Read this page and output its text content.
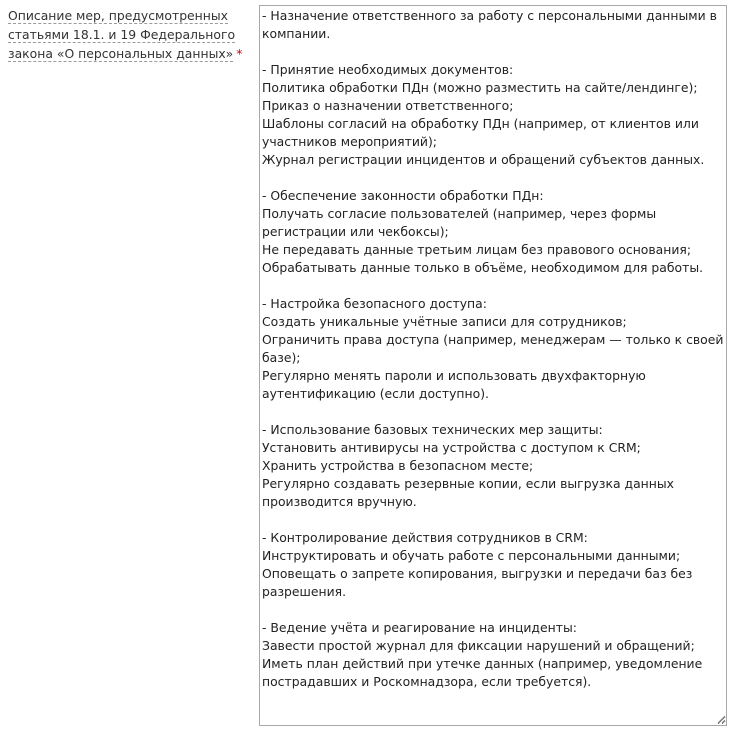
Описание мер, предусмотренных статьями 18.1. и 19 Федерального закона «О персональных данных» *
- Назначение ответственного за работу с персональными данными в компании. - Принятие необходимых документов: Политика обработки ПДн (можно разместить на сайте/лендинге); Приказ о назначении ответственного; Шаблоны согласий на обработку ПДн (например, от клиентов или участников мероприятий); Журнал регистрации инцидентов и обращений субъектов данных. - Обеспечение законности обработки ПДн: Получать согласие пользователей (например, через формы регистрации или чекбоксы); Не передавать данные третьим лицам без правового основания; Обрабатывать данные только в объёме, необходимом для работы. - Настройка безопасного доступа: Создать уникальные учётные записи для сотрудников; Ограничить права доступа (например, менеджерам — только к своей базе); Регулярно менять пароли и использовать двухфакторную аутентификацию (если доступно). - Использование базовых технических мер защиты: Установить антивирусы на устройства с доступом к CRM; Хранить устройства в безопасном месте; Регулярно создавать резервные копии, если выгрузка данных производится вручную. - Контролирование действия сотрудников в CRM: Инструктировать и обучать работе с персональными данными; Оповещать о запрете копирования, выгрузки и передачи баз без разрешения. - Ведение учёта и реагирование на инциденты: Завести простой журнал для фиксации нарушений и обращений; Иметь план действий при утечке данных (например, уведомление пострадавших и Роскомнадзора, если требуется).
